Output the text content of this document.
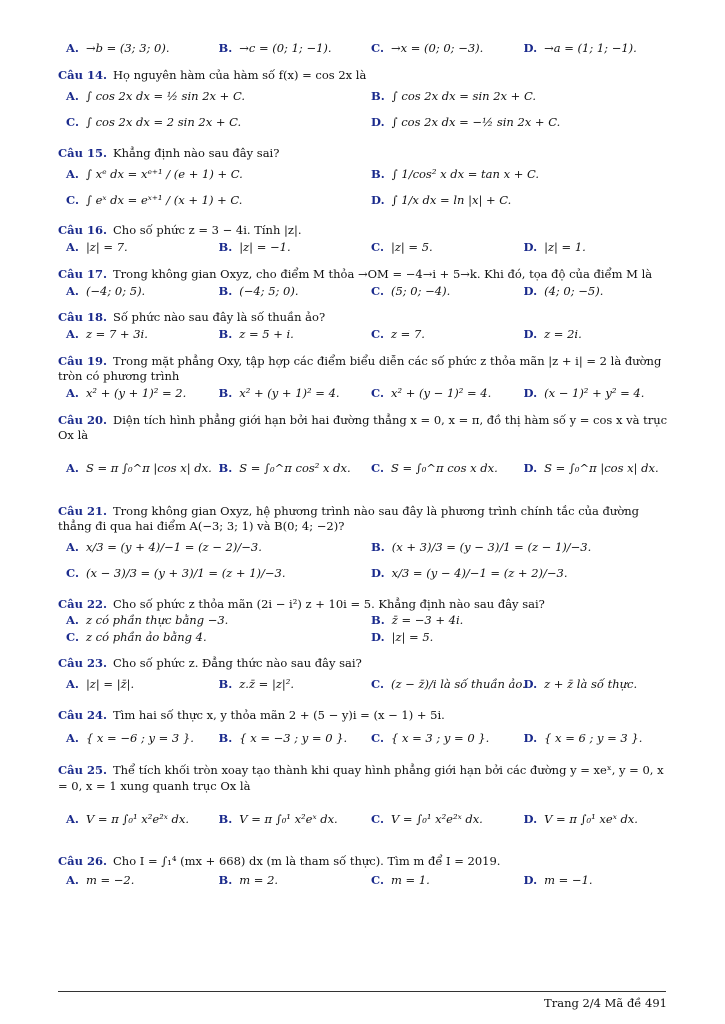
A. →b = (3; 3; 0).	B. →c = (0; 1; −1).	C. →x = (0; 0; −3).	D. →a = (1; 1; −1).
Câu 14. Họ nguyên hàm của hàm số f(x) = cos 2x là
A. ∫ cos 2x dx = ½ sin 2x + C.	B. ∫ cos 2x dx = sin 2x + C.
C. ∫ cos 2x dx = 2 sin 2x + C.	D. ∫ cos 2x dx = −½ sin 2x + C.
Câu 15. Khẳng định nào sau đây sai?
A. ∫ xᵉ dx = xᵉ⁺¹ / (e + 1) + C.	B. ∫ 1/cos² x dx = tan x + C.
C. ∫ eˣ dx = eˣ⁺¹ / (x + 1) + C.	D. ∫ 1/x dx = ln |x| + C.
Câu 16. Cho số phức z = 3 − 4i. Tính |z|.
A. |z| = 7.	B. |z| = −1.	C. |z| = 5.	D. |z| = 1.
Câu 17. Trong không gian Oxyz, cho điểm M thỏa →OM = −4→i + 5→k. Khi đó, tọa độ của điểm M là
A. (−4; 0; 5).	B. (−4; 5; 0).	C. (5; 0; −4).	D. (4; 0; −5).
Câu 18. Số phức nào sau đây là số thuần ảo?
A. z = 7 + 3i.	B. z = 5 + i.	C. z = 7.	D. z = 2i.
Câu 19. Trong mặt phẳng Oxy, tập hợp các điểm biểu diễn các số phức z thỏa mãn |z + i| = 2 là đường tròn có phương trình
A. x² + (y + 1)² = 2.	B. x² + (y + 1)² = 4.	C. x² + (y − 1)² = 4.	D. (x − 1)² + y² = 4.
Câu 20. Diện tích hình phẳng giới hạn bởi hai đường thẳng x = 0, x = π, đồ thị hàm số y = cos x và trục Ox là
A. S = π ∫₀^π |cos x| dx. B. S = ∫₀^π cos² x dx. C. S = ∫₀^π cos x dx. D. S = ∫₀^π |cos x| dx.
Câu 21. Trong không gian Oxyz, hệ phương trình nào sau đây là phương trình chính tắc của đường thẳng đi qua hai điểm A(−3; 3; 1) và B(0; 4; −2)?
A. x/3 = (y + 4)/−1 = (z − 2)/−3.	B. (x + 3)/3 = (y − 3)/1 = (z − 1)/−3.
C. (x − 3)/3 = (y + 3)/1 = (z + 1)/−3.	D. x/3 = (y − 4)/−1 = (z + 2)/−3.
Câu 22. Cho số phức z thỏa mãn (2i − i²) z + 10i = 5. Khẳng định nào sau đây sai?
A. z có phần thực bằng −3.	B. z̄ = −3 + 4i.
C. z có phần ảo bằng 4.	D. |z| = 5.
Câu 23. Cho số phức z. Đẳng thức nào sau đây sai?
A. |z| = |z̄|.	B. z.z̄ = |z|².	C. (z − z̄)/i là số thuần ảo.
D. z + z̄ là số thực.
Câu 24. Tìm hai số thực x, y thỏa mãn 2 + (5 − y)i = (x − 1) + 5i.
A. { x = −6 ; y = 3 }. B. { x = −3 ; y = 0 }. C. { x = 3 ; y = 0 }.	D. { x = 6 ; y = 3 }.
Câu 25. Thể tích khối tròn xoay tạo thành khi quay hình phẳng giới hạn bởi các đường y = xeˣ, y = 0, x = 0, x = 1 xung quanh trục Ox là
A. V = π ∫₀¹ x²e²ˣ dx.	B. V = π ∫₀¹ x²eˣ dx.	C. V = ∫₀¹ x²e²ˣ dx.	D. V = π ∫₀¹ xeˣ dx.
Câu 26. Cho I = ∫₁⁴ (mx + 668) dx (m là tham số thực). Tìm m để I = 2019.
A. m = −2.	B. m = 2.	C. m = 1.	D. m = −1.
Trang 2/4 Mã đề 491
